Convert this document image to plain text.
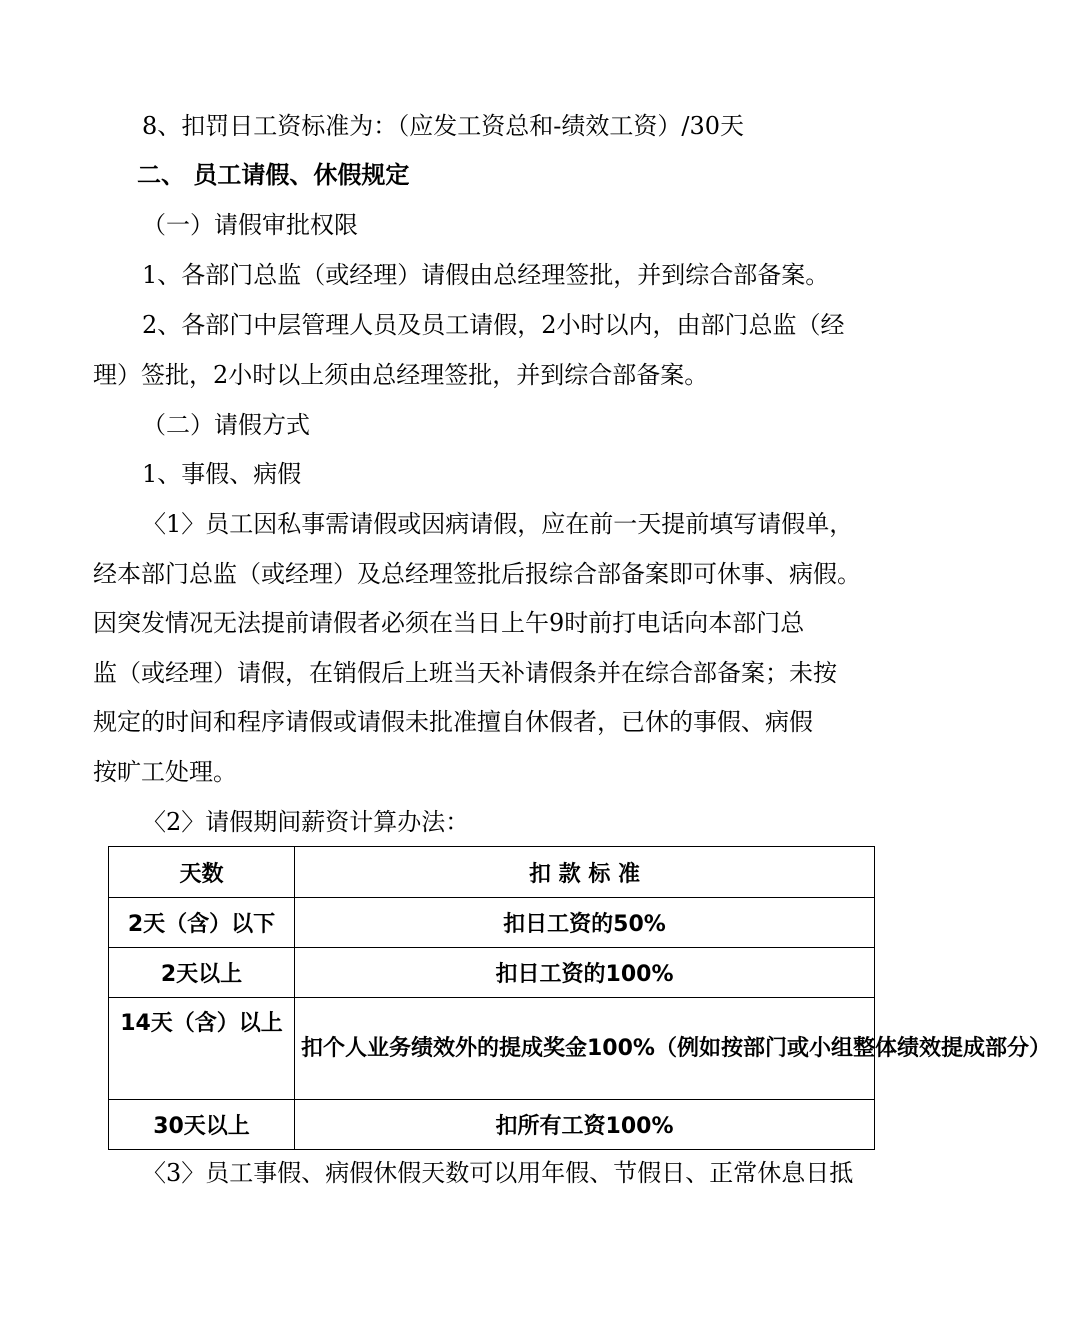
8、扣罚日工资标准为：（应发工资总和-绩效工资）/30天
二、 员工请假、休假规定
（一）请假审批权限
1、各部门总监（或经理）请假由总经理签批，并到综合部备案。
2、各部门中层管理人员及员工请假，2小时以内，由部门总监（经
理）签批，2小时以上须由总经理签批，并到综合部备案。
（二）请假方式
1、事假、病假
〈1〉员工因私事需请假或因病请假，应在前一天提前填写请假单，
经本部门总监（或经理）及总经理签批后报综合部备案即可休事、病假。
因突发情况无法提前请假者必须在当日上午9时前打电话向本部门总
监（或经理）请假，在销假后上班当天补请假条并在综合部备案；未按
规定的时间和程序请假或请假未批准擅自休假者，已休的事假、病假
按旷工处理。
〈2〉请假期间薪资计算办法：
天数	扣 款 标 准
2天（含）以下	扣日工资的50%
2天以上	扣日工资的100%
14天（含）以上	扣个人业务绩效外的提成奖金100%（例如按部门或小组整体绩效提成部分）
30天以上	扣所有工资100%
〈3〉员工事假、病假休假天数可以用年假、节假日、正常休息日抵
